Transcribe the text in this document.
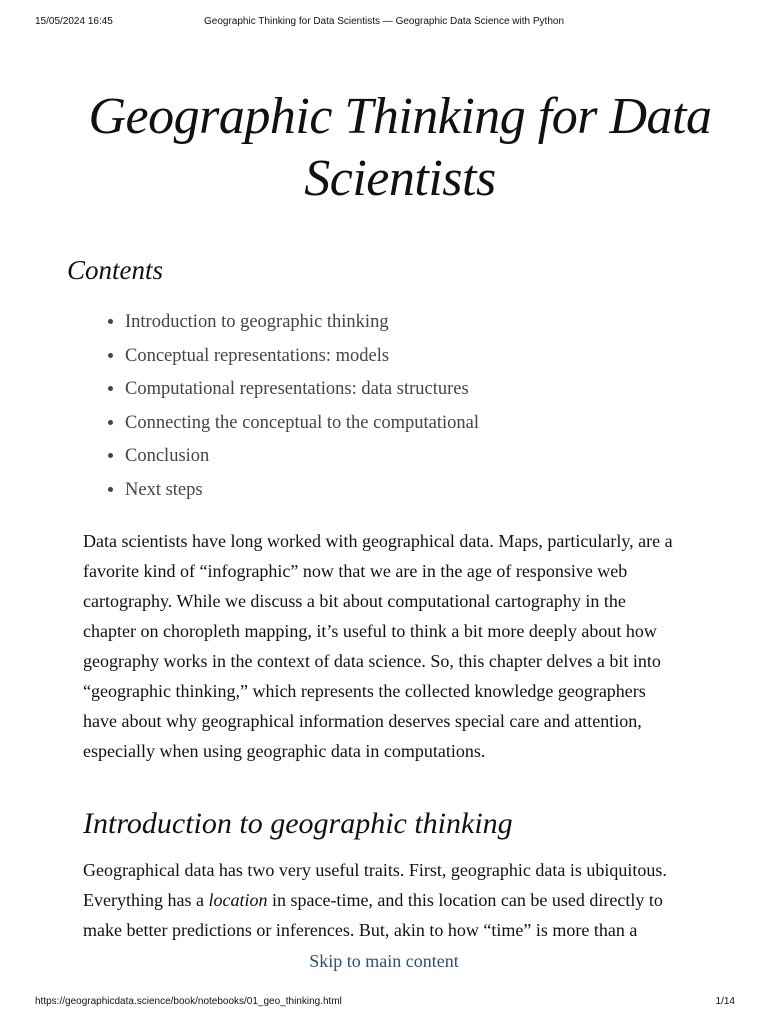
15/05/2024 16:45	Geographic Thinking for Data Scientists — Geographic Data Science with Python
Geographic Thinking for Data Scientists
Contents
• Introduction to geographic thinking
• Conceptual representations: models
• Computational representations: data structures
• Connecting the conceptual to the computational
• Conclusion
• Next steps

Data scientists have long worked with geographical data. Maps, particularly, are a
favorite kind of “infographic” now that we are in the age of responsive web
cartography. While we discuss a bit about computational cartography in the
chapter on choropleth mapping, it’s useful to think a bit more deeply about how
geography works in the context of data science. So, this chapter delves a bit into
“geographic thinking,” which represents the collected knowledge geographers
have about why geographical information deserves special care and attention,
especially when using geographic data in computations.

Introduction to geographic thinking

Geographical data has two very useful traits. First, geographic data is ubiquitous.
Everything has a location in space-time, and this location can be used directly to
make better predictions or inferences. But, akin to how “time” is more than a

Skip to main content
https://geographicdata.science/book/notebooks/01_geo_thinking.html	1/14
